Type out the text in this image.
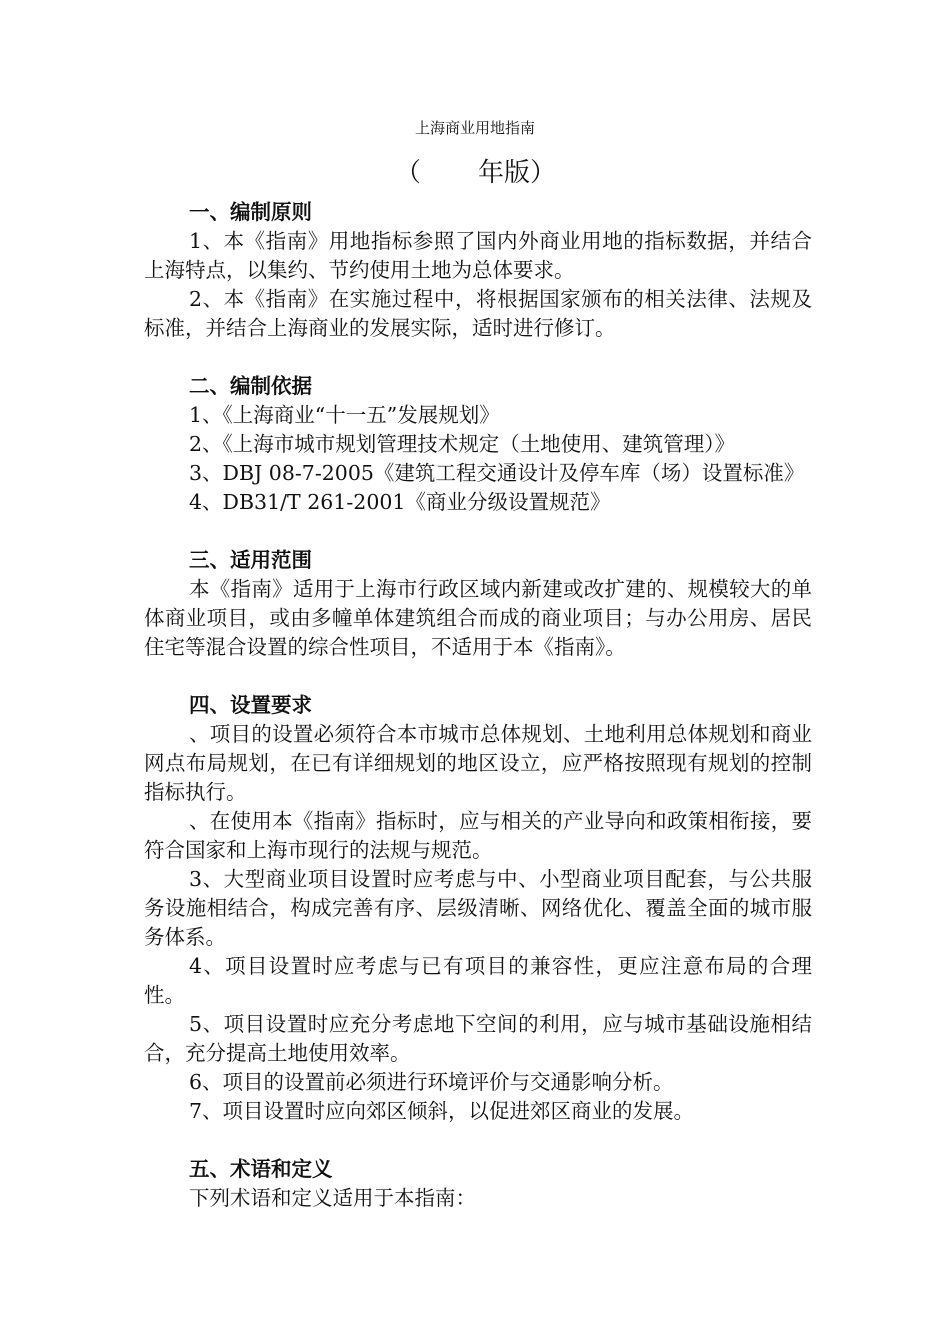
上海商业用地指南
（ 年版 ）
一、编制原则

1、本《指南》用地指标参照了国内外商业用地的指标数据，并结合上海特点，以集约、节约使用土地为总体要求。

2、本《指南》在实施过程中，将根据国家颁布的相关法律、法规及标准，并结合上海商业的发展实际，适时进行修订。

二、编制依据

1、《上海商业“十一五”发展规划》

2、《上海市城市规划管理技术规定（土地使用、建筑管理）》

3、DBJ 08-7-2005《建筑工程交通设计及停车库（场）设置标准》

4、DB31/T 261-2001《商业分级设置规范》

三、适用范围

本《指南》适用于上海市行政区域内新建或改扩建的、规模较大的单体商业项目，或由多幢单体建筑组合而成的商业项目；与办公用房、居民住宅等混合设置的综合性项目，不适用于本《指南》。

四、设置要求

、项目的设置必须符合本市城市总体规划、土地利用总体规划和商业网点布局规划，在已有详细规划的地区设立，应严格按照现有规划的控制指标执行。

、在使用本《指南》指标时，应与相关的产业导向和政策相衔接，要符合国家和上海市现行的法规与规范。

3、大型商业项目设置时应考虑与中、小型商业项目配套，与公共服务设施相结合，构成完善有序、层级清晰、网络优化、覆盖全面的城市服务体系。

4、项目设置时应考虑与已有项目的兼容性，更应注意布局的合理性。

5、项目设置时应充分考虑地下空间的利用，应与城市基础设施相结合，充分提高土地使用效率。

6、项目的设置前必须进行环境评价与交通影响分析。

7、项目设置时应向郊区倾斜，以促进郊区商业的发展。

五、术语和定义

下列术语和定义适用于本指南：
